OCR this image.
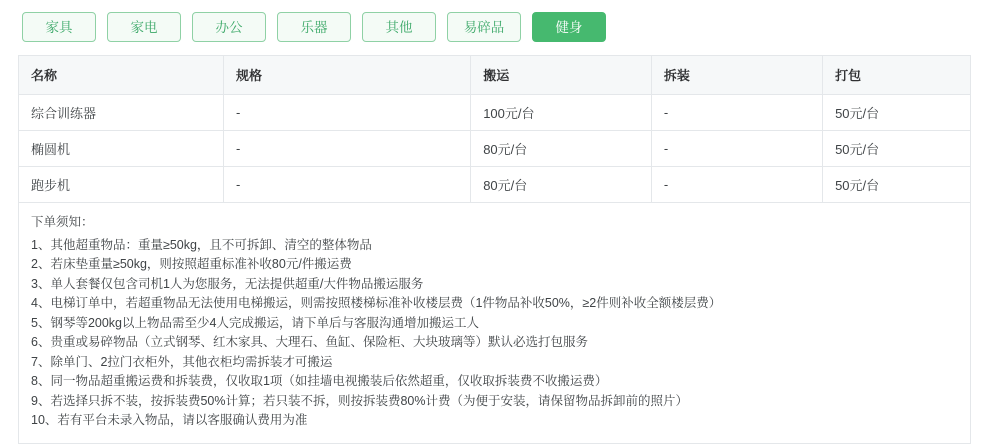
家具	家电	办公	乐器	其他	易碎品	健身
名称	规格	搬运	拆装	打包
综合训练器	-	100元/台	-	50元/台
椭圆机	-	80元/台	-	50元/台
跑步机	-	80元/台	-	50元/台
下单须知：
1、其他超重物品：重量≥50kg，且不可拆卸、清空的整体物品
2、若床垫重量≥50kg，则按照超重标准补收80元/件搬运费
3、单人套餐仅包含司机1人为您服务，无法提供超重/大件物品搬运服务
4、电梯订单中，若超重物品无法使用电梯搬运，则需按照楼梯标准补收楼层费（1件物品补收50%，≥2件则补收全额楼层费）
5、钢琴等200kg以上物品需至少4人完成搬运，请下单后与客服沟通增加搬运工人
6、贵重或易碎物品（立式钢琴、红木家具、大理石、鱼缸、保险柜、大块玻璃等）默认必选打包服务
7、除单门、2拉门衣柜外，其他衣柜均需拆装才可搬运
8、同一物品超重搬运费和拆装费，仅收取1项（如挂墙电视搬装后依然超重，仅收取拆装费不收搬运费）
9、若选择只拆不装，按拆装费50%计算；若只装不拆，则按拆装费80%计费（为便于安装，请保留物品拆卸前的照片）
10、若有平台未录入物品，请以客服确认费用为准
